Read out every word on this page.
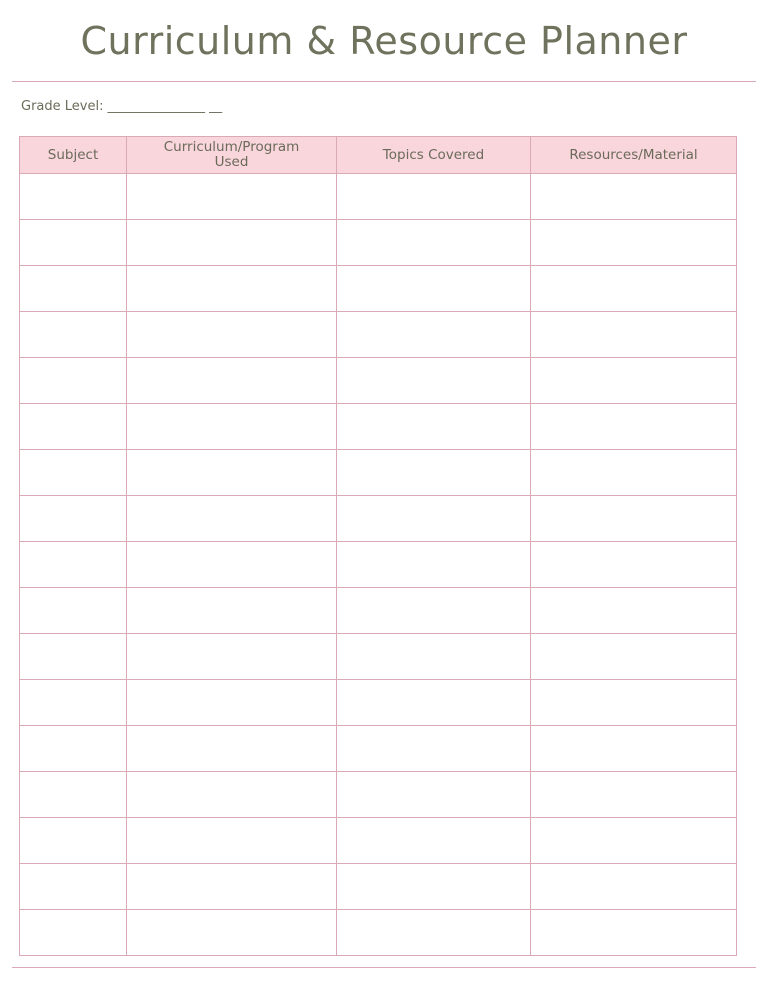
Curriculum & Resource Planner
Grade Level: _______________ __
Subject	Curriculum/Program Used	Topics Covered	Resources/Material
